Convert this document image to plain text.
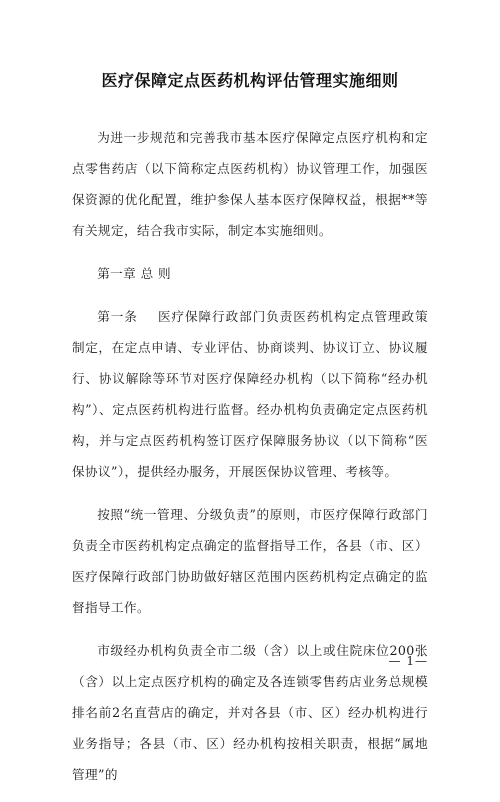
医疗保障定点医药机构评估管理实施细则

为进一步规范和完善我市基本医疗保障定点医疗机构和定点零售药店（以下简称定点医药机构）协议管理工作，加强医保资源的优化配置，维护参保人基本医疗保障权益，根据**等有关规定，结合我市实际，制定本实施细则。

第一章 总 则

第一条 医疗保障行政部门负责医药机构定点管理政策制定，在定点申请、专业评估、协商谈判、协议订立、协议履行、协议解除等环节对医疗保障经办机构（以下简称“经办机构”）、定点医药机构进行监督。经办机构负责确定定点医药机构，并与定点医药机构签订医疗保障服务协议（以下简称“医保协议”），提供经办服务，开展医保协议管理、考核等。

按照“统一管理、分级负责”的原则，市医疗保障行政部门负责全市医药机构定点确定的监督指导工作，各县（市、区）医疗保障行政部门协助做好辖区范围内医药机构定点确定的监督指导工作。

市级经办机构负责全市二级（含）以上或住院床位200张（含）以上定点医疗机构的确定及各连锁零售药店业务总规模排名前2名直营店的确定，并对各县（市、区）经办机构进行业务指导；各县（市、区）经办机构按相关职责，根据“属地管理”的

— 1—
